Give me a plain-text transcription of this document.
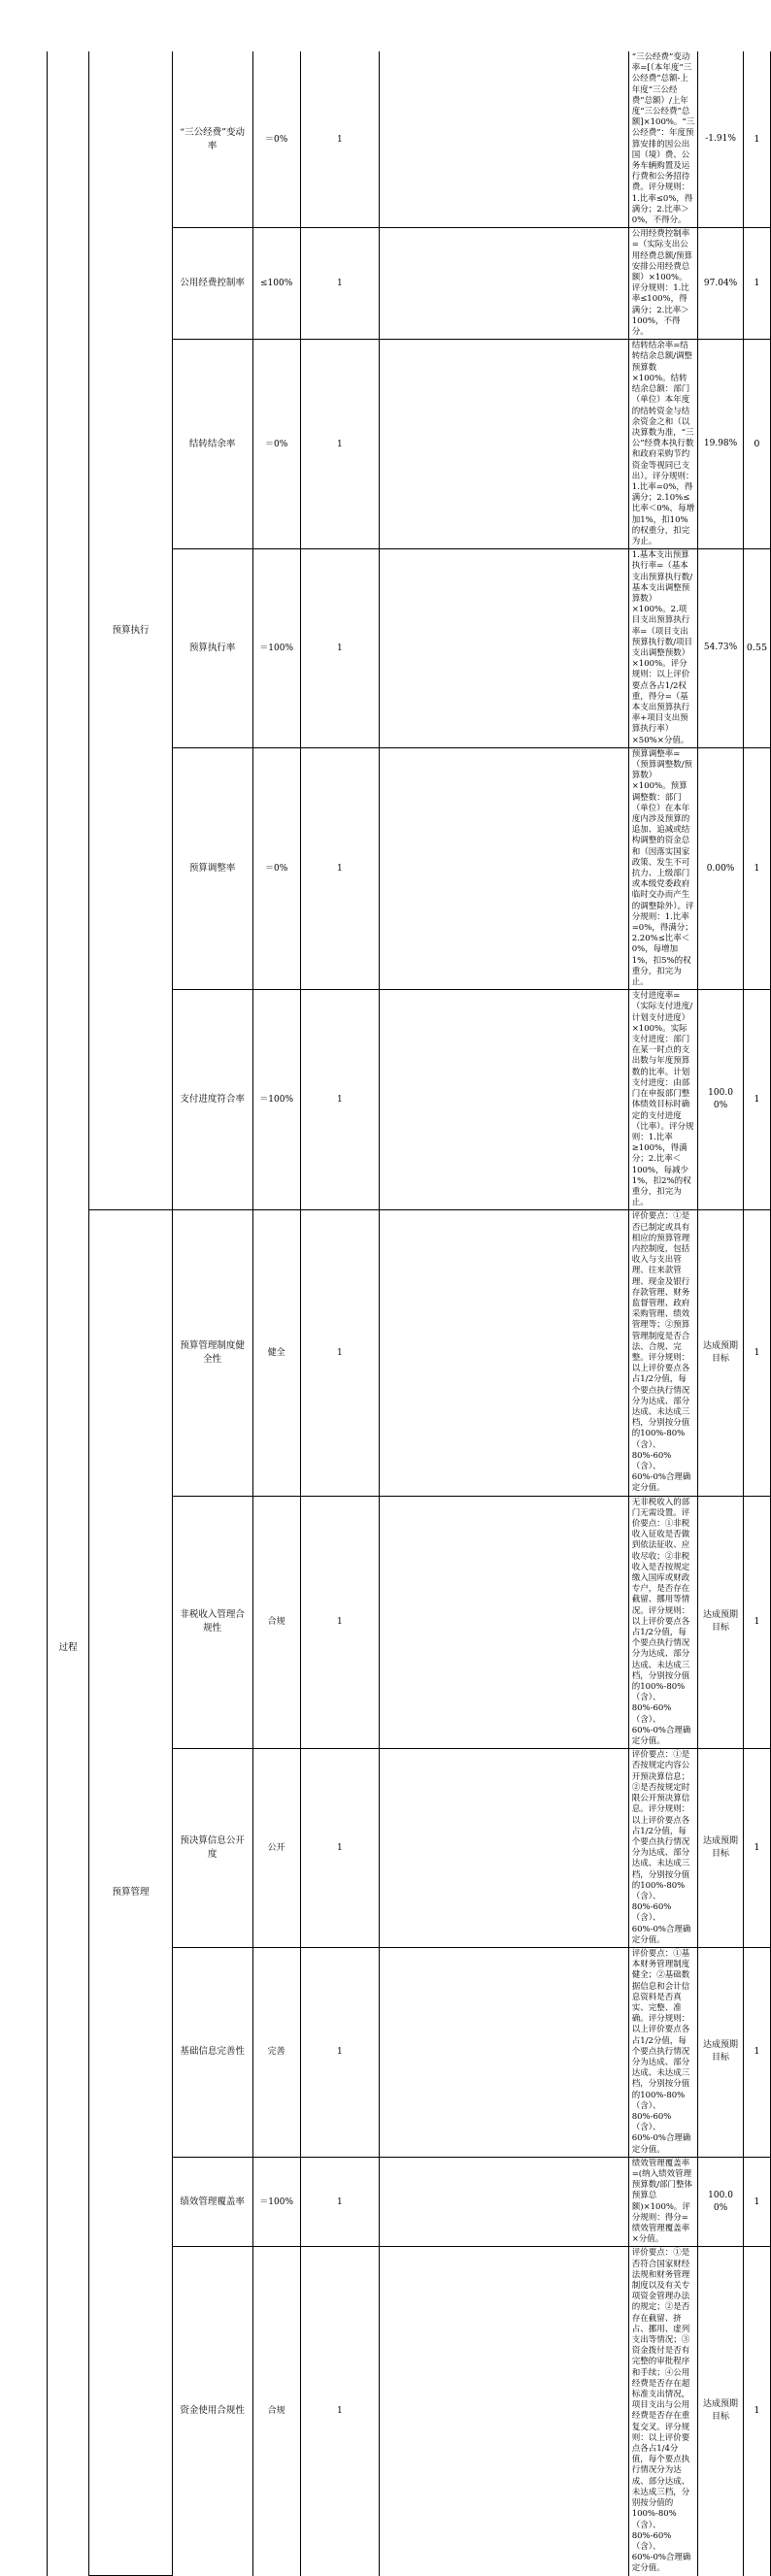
过程	预算执行	“三公经费”变动率	＝0%	1		“三公经费”变动率=[（本年度“三公经费”总额-上年度“三公经费”总额）/上年度“三公经费”总额]×100%。“三公经费”：年度预算安排的因公出国（境）费、公务车辆购置及运行费和公务招待费。评分规则：1.比率≤0%，得满分；2.比率＞0%，不得分。	-1.91%	1
		公用经费控制率	≤100%	1		公用经费控制率=（实际支出公用经费总额/预算安排公用经费总额）×100%。评分规则：1.比率≤100%，得满分；2.比率＞100%，不得分。	97.04%	1
		结转结余率	＝0%	1		结转结余率=结转结余总额/调整预算数×100%。结转结余总额：部门（单位）本年度的结转资金与结余资金之和（以决算数为准，“三公”经费本执行数和政府采购节约资金等视同已支出）。评分规则：1.比率=0%，得满分；2.10%≤比率＜0%，每增加1%，扣10%的权重分，扣完为止。	19.98%	0
		预算执行率	＝100%	1		1.基本支出预算执行率=（基本支出预算执行数/基本支出调整预算数）×100%。2.项目支出预算执行率=（项目支出预算执行数/项目支出调整预数）×100%。评分规则：以上评价要点各占1/2权重，得分=（基本支出预算执行率+项目支出预算执行率）×50%×分值。	54.73%	0.55
		预算调整率	＝0%	1		预算调整率=（预算调整数/预算数）×100%。预算调整数：部门（单位）在本年度内涉及预算的追加、追减或结构调整的资金总和（因落实国家政策、发生不可抗力、上级部门或本级党委政府临时交办而产生的调整除外）。评分规则：1.比率=0%，得满分；2.20%≤比率＜0%，每增加1%，扣5%的权重分，扣完为止。	0.00%	1
		支付进度符合率	＝100%	1		支付进度率=（实际支付进度/计划支付进度）×100%。实际支付进度：部门在某一时点的支出数与年度预算数的比率。计划支付进度：由部门在申报部门整体绩效目标时确定的支付进度（比率）。评分规则：1.比率≥100%，得满分；2.比率＜100%，每减少1%，扣2%的权重分，扣完为止。	100.00%	1
	预算管理	预算管理制度健全性	健全	1		评价要点：①是否已制定或具有相应的预算管理内控制度，包括收入与支出管理、往来款管理、现金及银行存款管理、财务监督管理、政府采购管理、绩效管理等；②预算管理制度是否合法、合规、完整。评分规则：以上评价要点各占1/2分值，每个要点执行情况分为达成、部分达成、未达成三档，分别按分值的100%-80%（含）、80%-60%（含）、60%-0%合理确定分值。	达成预期目标	1
		非税收入管理合规性	合规	1		无非税收入的部门无需设置。评价要点：①非税收入征收是否做到依法征收、应收尽收；②非税收入是否按规定缴入国库或财政专户，是否存在截留、挪用等情况。评分规则：以上评价要点各占1/2分值，每个要点执行情况分为达成、部分达成、未达成三档，分别按分值的100%-80%（含）、80%-60%（含）、60%-0%合理确定分值。	达成预期目标	1
		预决算信息公开度	公开	1		评价要点：①是否按规定内容公开预决算信息；②是否按规定时限公开预决算信息。评分规则：以上评价要点各占1/2分值，每个要点执行情况分为达成、部分达成、未达成三档，分别按分值的100%-80%（含）、80%-60%（含）、60%-0%合理确定分值。	达成预期目标	1
		基础信息完善性	完善	1		评价要点：①基本财务管理制度健全；②基础数据信息和会计信息资料是否真实、完整、准确。评分规则：以上评价要点各占1/2分值，每个要点执行情况分为达成、部分达成、未达成三档，分别按分值的100%-80%（含）、80%-60%（含）、60%-0%合理确定分值。	达成预期目标	1
		绩效管理覆盖率	＝100%	1		绩效管理覆盖率=(纳入绩效管理预算数/部门整体预算总额)×100%。评分规则：得分=绩效管理覆盖率×分值。	100.00%	1
		资金使用合规性	合规	1		评价要点：①是否符合国家财经法规和财务管理制度以及有关专项资金管理办法的规定；②是否存在截留、挤占、挪用、虚列支出等情况；③资金拨付是否有完整的审批程序和手续；④公用经费是否存在超标准支出情况，项目支出与公用经费是否存在重复交叉。评分规则：以上评价要点各占1/4分值，每个要点执行情况分为达成、部分达成、未达成三档，分别按分值的100%-80%（含）、80%-60%（含）、60%-0%合理确定分值。	达成预期目标	1
